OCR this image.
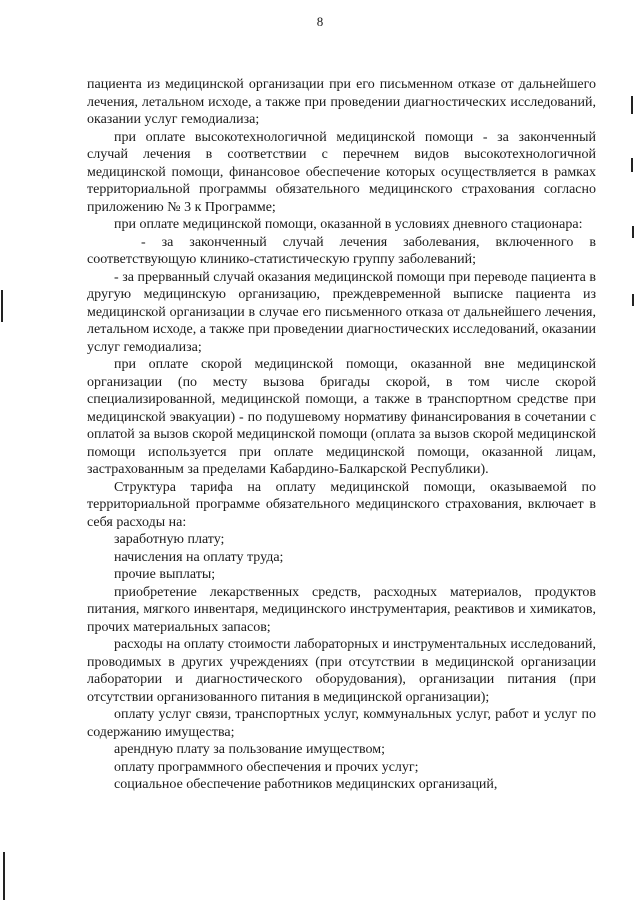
8

пациента из медицинской организации при его письменном отказе от дальнейшего лечения, летальном исходе, а также при проведении диагностических исследований, оказании услуг гемодиализа;

при оплате высокотехнологичной медицинской помощи - за законченный случай лечения в соответствии с перечнем видов высокотехнологичной медицинской помощи, финансовое обеспечение которых осуществляется в рамках территориальной программы обязательного медицинского страхования согласно приложению № 3 к Программе;

при оплате медицинской помощи, оказанной в условиях дневного стационара:

- за законченный случай лечения заболевания, включенного в соответствующую клинико-статистическую группу заболеваний;

- за прерванный случай оказания медицинской помощи при переводе пациента в другую медицинскую организацию, преждевременной выписке пациента из медицинской организации в случае его письменного отказа от дальнейшего лечения, летальном исходе, а также при проведении диагностических исследований, оказании услуг гемодиализа;

при оплате скорой медицинской помощи, оказанной вне медицинской организации (по месту вызова бригады скорой, в том числе скорой специализированной, медицинской помощи, а также в транспортном средстве при медицинской эвакуации) - по подушевому нормативу финансирования в сочетании с оплатой за вызов скорой медицинской помощи (оплата за вызов скорой медицинской помощи используется при оплате медицинской помощи, оказанной лицам, застрахованным за пределами Кабардино-Балкарской Республики).

Структура тарифа на оплату медицинской помощи, оказываемой по территориальной программе обязательного медицинского страхования, включает в себя расходы на:

заработную плату;

начисления на оплату труда;

прочие выплаты;

приобретение лекарственных средств, расходных материалов, продуктов питания, мягкого инвентаря, медицинского инструментария, реактивов и химикатов, прочих материальных запасов;

расходы на оплату стоимости лабораторных и инструментальных исследований, проводимых в других учреждениях (при отсутствии в медицинской организации лаборатории и диагностического оборудования), организации питания (при отсутствии организованного питания в медицинской организации);

оплату услуг связи, транспортных услуг, коммунальных услуг, работ и услуг по содержанию имущества;

арендную плату за пользование имуществом;

оплату программного обеспечения и прочих услуг;

социальное обеспечение работников медицинских организаций,
